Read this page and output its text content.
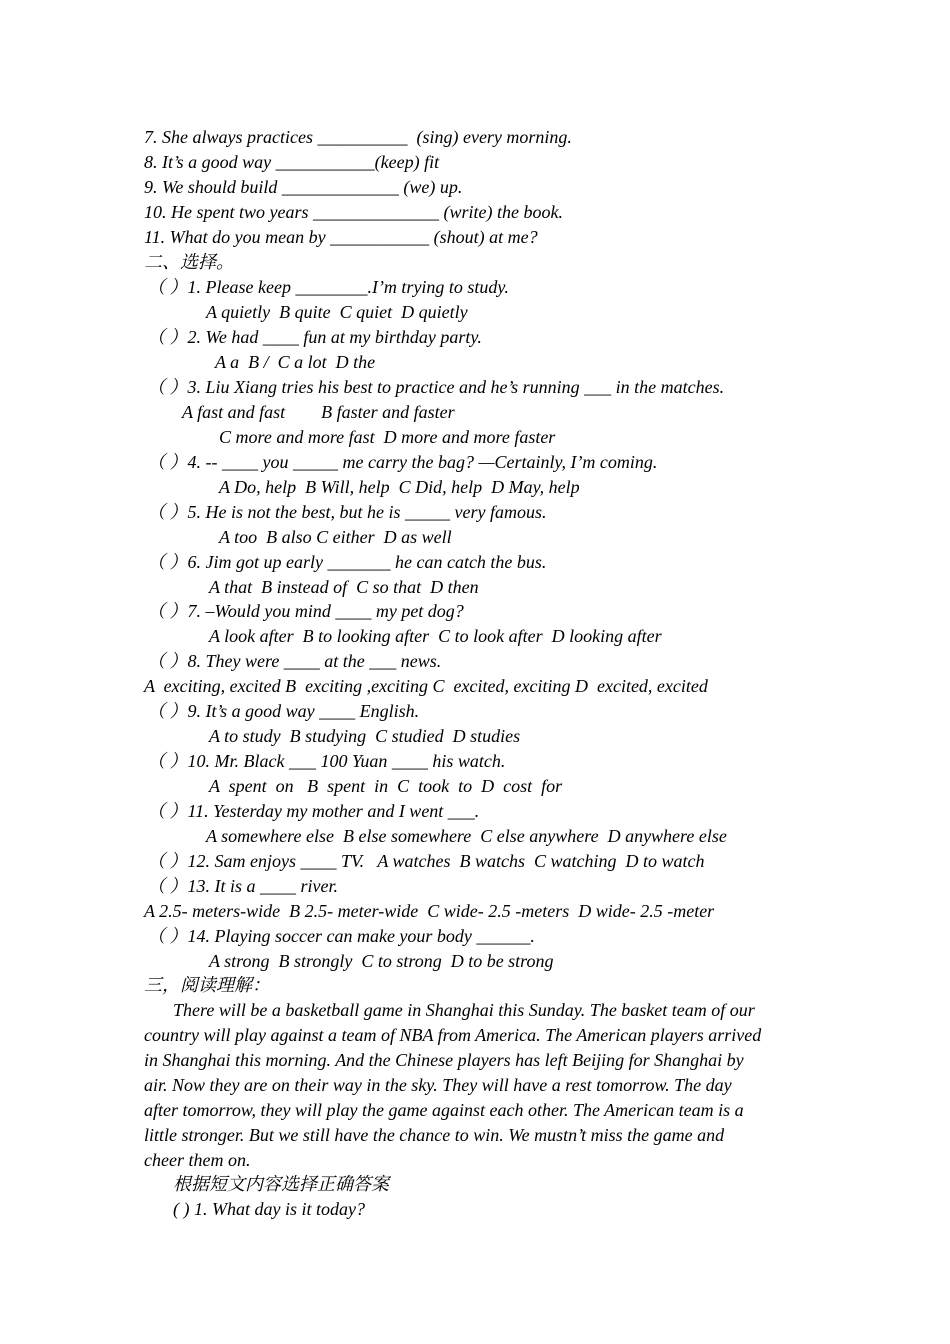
7. She always practices __________  (sing) every morning.
8. It’s a good way ___________(keep) fit
9. We should build _____________ (we) up.
10. He spent two years ______________ (write) the book.
11. What do you mean by ___________ (shout) at me?
二、选择。
（ ）1. Please keep ________.I’m trying to study.
A quietly  B quite  C quiet  D quietly
（ ）2. We had ____ fun at my birthday party.
A a  B /  C a lot  D the
（ ）3. Liu Xiang tries his best to practice and he’s running ___ in the matches.
A fast and fast        B faster and faster
C more and more fast  D more and more faster
（ ）4. -- ____ you _____ me carry the bag? —Certainly, I’m coming.
A Do, help  B Will, help  C Did, help  D May, help
（ ）5. He is not the best, but he is _____ very famous.
A too  B also C either  D as well
（ ）6. Jim got up early _______ he can catch the bus.
A that  B instead of  C so that  D then
（ ）7. –Would you mind ____ my pet dog?
A look after  B to looking after  C to look after  D looking after
（ ）8. They were ____ at the ___ news.
A  exciting, excited B  exciting ,exciting C  excited, exciting D  excited, excited
（ ）9. It’s a good way ____ English.
A to study  B studying  C studied  D studies
（ ）10. Mr. Black ___ 100 Yuan ____ his watch.
A  spent  on   B  spent  in  C  took  to  D  cost  for
（ ）11. Yesterday my mother and I went ___.
A somewhere else  B else somewhere  C else anywhere  D anywhere else
（ ）12. Sam enjoys ____ TV.   A watches  B watchs  C watching  D to watch
（ ）13. It is a ____ river.
A 2.5- meters-wide  B 2.5- meter-wide  C wide- 2.5 -meters  D wide- 2.5 -meter
（ ）14. Playing soccer can make your body ______.
A strong  B strongly  C to strong  D to be strong
三，阅读理解：
There will be a basketball game in Shanghai this Sunday. The basket team of our
country will play against a team of NBA from America. The American players arrived
in Shanghai this morning. And the Chinese players has left Beijing for Shanghai by
air. Now they are on their way in the sky. They will have a rest tomorrow. The day
after tomorrow, they will play the game against each other. The American team is a
little stronger. But we still have the chance to win. We mustn’t miss the game and
cheer them on.
根据短文内容选择正确答案
( ) 1. What day is it today?
